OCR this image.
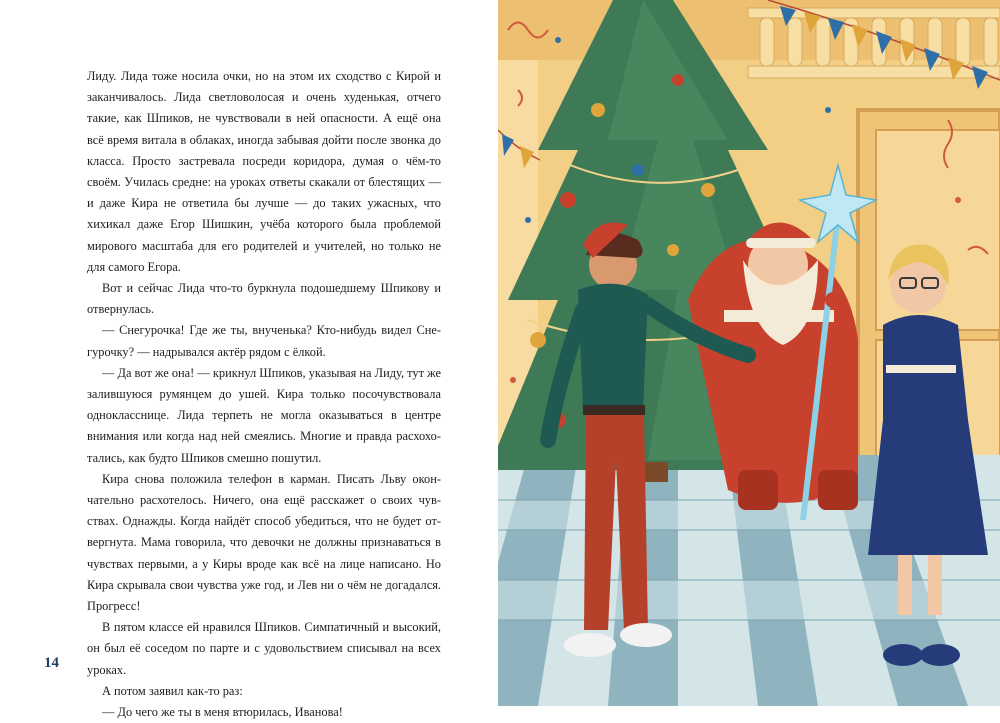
Лиду. Лида тоже носила очки, но на этом их сходство с Кирой и заканчивалось. Лида светловолосая и очень худенькая, отчего такие, как Шпиков, не чувствовали в ней опасности. А ещё она всё время витала в облаках, иногда забывая дойти после звонка до класса. Просто застревала посреди коридора, думая о чём-то своём. Училась средне: на уроках ответы скакали от блестящих — и даже Кира не ответила бы лучше — до таких ужасных, что хихикал даже Егор Шишкин, учёба которого была проблемой мирового масштаба для его родителей и учителей, но только не для самого Егора.

Вот и сейчас Лида что-то буркнула подошедшему Шпикову и отвернулась.

— Снегурочка! Где же ты, внученька? Кто-нибудь видел Снегурочку? — надрывался актёр рядом с ёлкой.

— Да вот же она! — крикнул Шпиков, указывая на Лиду, тут же залившуюся румянцем до ушей. Кира только посочувствовала однокласснице. Лида терпеть не могла оказываться в центре внимания или когда над ней смеялись. Многие и правда расхохотались, как будто Шпиков смешно пошутил.

Кира снова положила телефон в карман. Писать Льву окончательно расхотелось. Ничего, она ещё расскажет о своих чувствах. Однажды. Когда найдёт способ убедиться, что не будет отвергнута. Мама говорила, что девочки не должны признаваться в чувствах первыми, а у Киры вроде как всё на лице написано. Но Кира скрывала свои чувства уже год, и Лев ни о чём не догадался. Прогресс!

В пятом классе ей нравился Шпиков. Симпатичный и высокий, он был её соседом по парте и с удовольствием списывал на всех уроках.

А потом заявил как-то раз:

— До чего же ты в меня втюрилась, Иванова!

14
